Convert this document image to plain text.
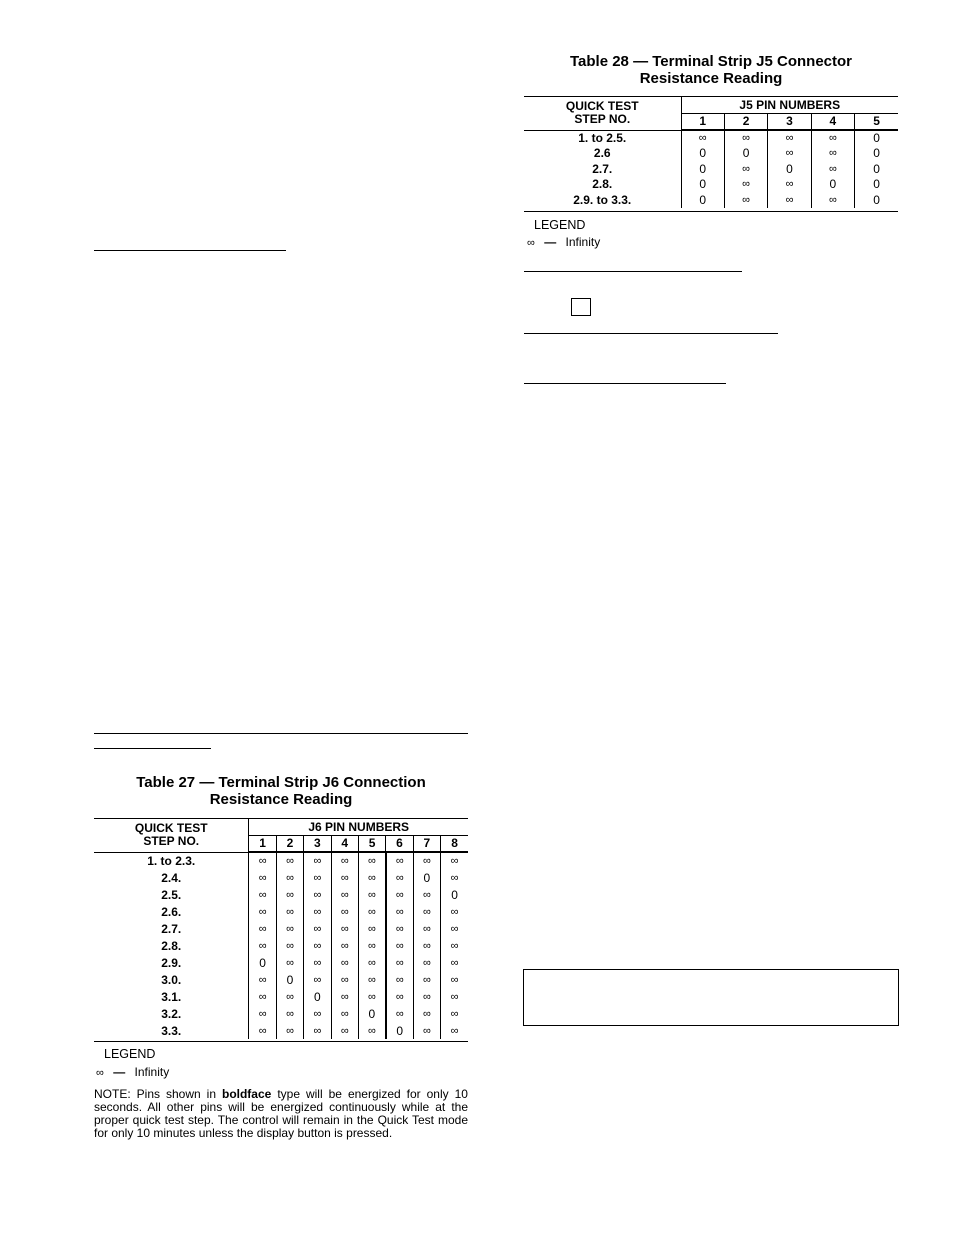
Table 27 — Terminal Strip J6 Connection
Resistance Reading
QUICK TEST
STEP NO.	J6 PIN NUMBERS							
	1	2	3	4	5	6	7	8
1. to 2.3.	∞	∞	∞	∞	∞	∞	∞	∞
2.4.	∞	∞	∞	∞	∞	∞	0	∞
2.5.	∞	∞	∞	∞	∞	∞	∞	0
2.6.	∞	∞	∞	∞	∞	∞	∞	∞
2.7.	∞	∞	∞	∞	∞	∞	∞	∞
2.8.	∞	∞	∞	∞	∞	∞	∞	∞
2.9.	0	∞	∞	∞	∞	∞	∞	∞
3.0.	∞	0	∞	∞	∞	∞	∞	∞
3.1.	∞	∞	0	∞	∞	∞	∞	∞
3.2.	∞	∞	∞	∞	0	∞	∞	∞
3.3.	∞	∞	∞	∞	∞	0	∞	∞
LEGEND
∞ — Infinity
NOTE: Pins shown in boldface type will be energized for only 10 seconds. All other pins will be energized continuously while at the proper quick test step. The control will remain in the Quick Test mode for only 10 minutes unless the display button is pressed.
Table 28 — Terminal Strip J5 Connector
Resistance Reading
QUICK TEST
STEP NO.	J5 PIN NUMBERS				
	1	2	3	4	5
1. to 2.5.	∞	∞	∞	∞	0
2.6	0	0	∞	∞	0
2.7.	0	∞	0	∞	0
2.8.	0	∞	∞	0	0
2.9. to 3.3.	0	∞	∞	∞	0
LEGEND
∞ — Infinity
